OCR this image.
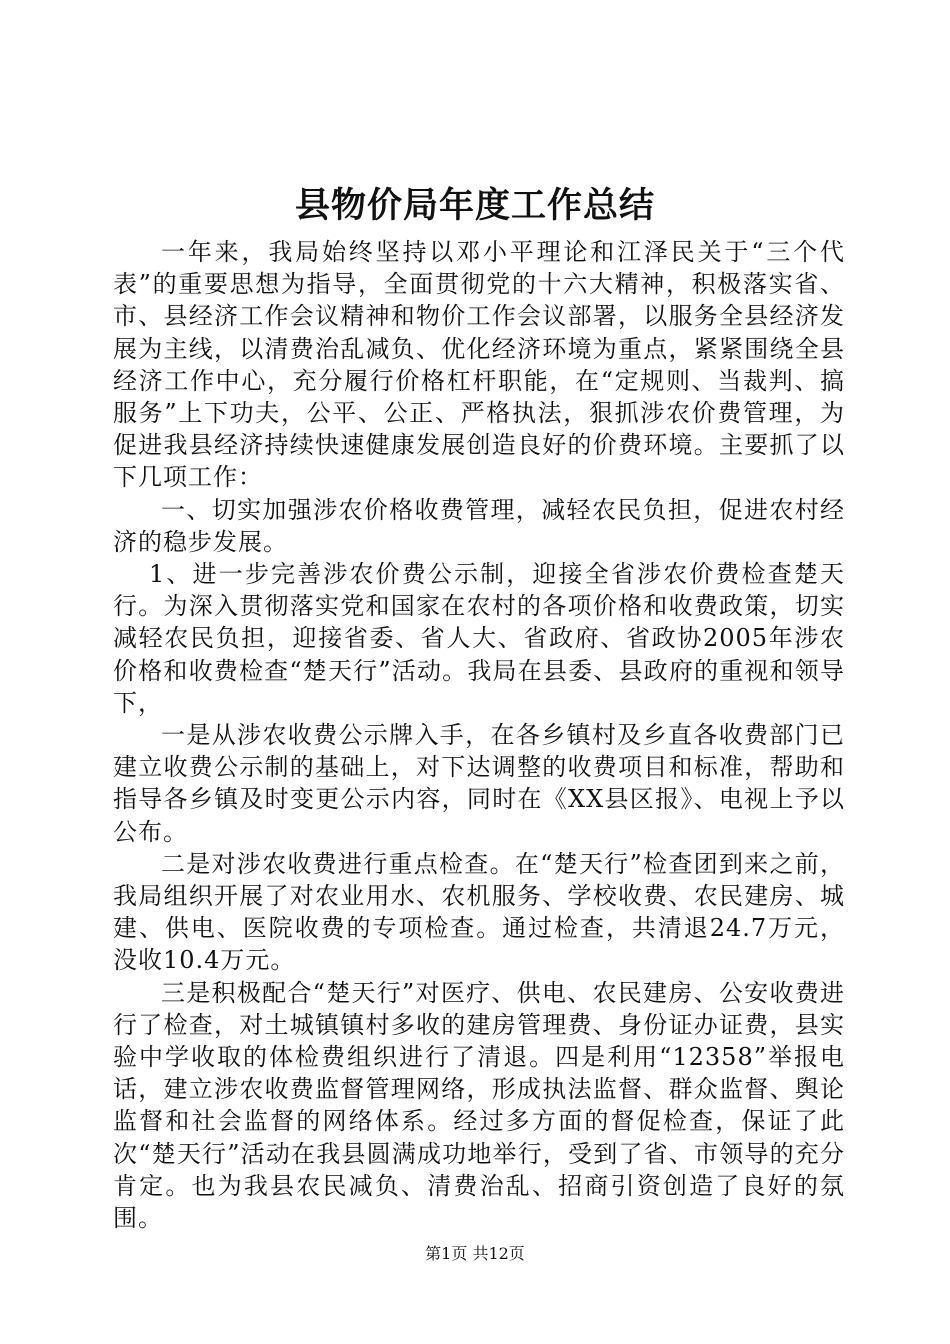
县物价局年度工作总结

一年来，我局始终坚持以邓小平理论和江泽民关于“三个代表”的重要思想为指导，全面贯彻党的十六大精神，积极落实省、市、县经济工作会议精神和物价工作会议部署，以服务全县经济发展为主线，以清费治乱减负、优化经济环境为重点，紧紧围绕全县经济工作中心，充分履行价格杠杆职能，在“定规则、当裁判、搞服务”上下功夫，公平、公正、严格执法，狠抓涉农价费管理，为促进我县经济持续快速健康发展创造良好的价费环境。主要抓了以下几项工作：

一、切实加强涉农价格收费管理，减轻农民负担，促进农村经济的稳步发展。

1、进一步完善涉农价费公示制，迎接全省涉农价费检查楚天行。为深入贯彻落实党和国家在农村的各项价格和收费政策，切实减轻农民负担，迎接省委、省人大、省政府、省政协2005年涉农价格和收费检查“楚天行”活动。我局在县委、县政府的重视和领导下，

一是从涉农收费公示牌入手，在各乡镇村及乡直各收费部门已建立收费公示制的基础上，对下达调整的收费项目和标准，帮助和指导各乡镇及时变更公示内容，同时在《XX县区报》、电视上予以公布。

二是对涉农收费进行重点检查。在“楚天行”检查团到来之前，我局组织开展了对农业用水、农机服务、学校收费、农民建房、城建、供电、医院收费的专项检查。通过检查，共清退24.7万元，没收10.4万元。

三是积极配合“楚天行”对医疗、供电、农民建房、公安收费进行了检查，对土城镇镇村多收的建房管理费、身份证办证费，县实验中学收取的体检费组织进行了清退。四是利用“12358”举报电话，建立涉农收费监督管理网络，形成执法监督、群众监督、舆论监督和社会监督的网络体系。经过多方面的督促检查，保证了此次“楚天行”活动在我县圆满成功地举行，受到了省、市领导的充分肯定。也为我县农民减负、清费治乱、招商引资创造了良好的氛围。

第1页 共12页
